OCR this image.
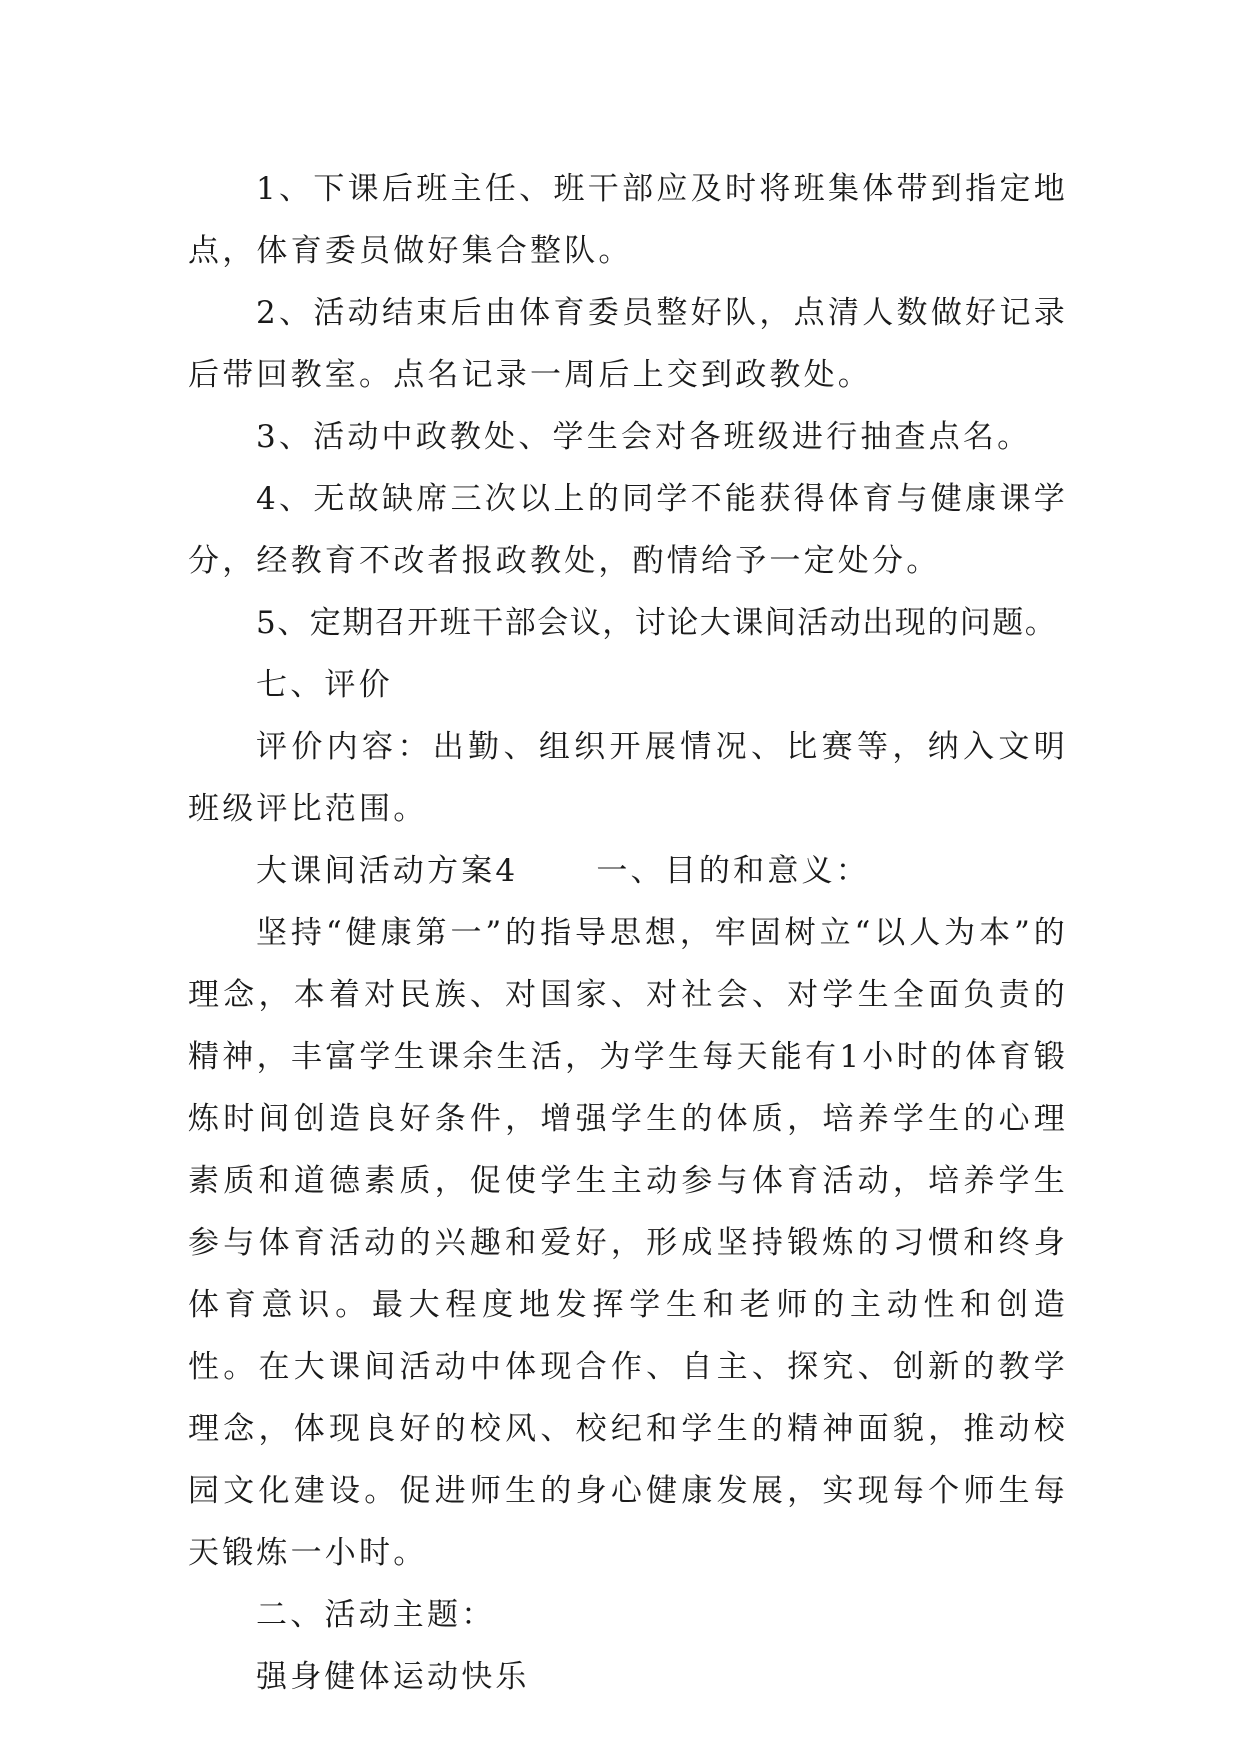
1、下课后班主任、班干部应及时将班集体带到指定地点，体育委员做好集合整队。

2、活动结束后由体育委员整好队，点清人数做好记录后带回教室。点名记录一周后上交到政教处。

3、活动中政教处、学生会对各班级进行抽查点名。

4、无故缺席三次以上的同学不能获得体育与健康课学分，经教育不改者报政教处，酌情给予一定处分。

5、定期召开班干部会议，讨论大课间活动出现的问题。

七、评价

评价内容：出勤、组织开展情况、比赛等，纳入文明班级评比范围。

大课间活动方案4	一、目的和意义：

坚持“健康第一”的指导思想，牢固树立“以人为本”的理念，本着对民族、对国家、对社会、对学生全面负责的精神，丰富学生课余生活，为学生每天能有1小时的体育锻炼时间创造良好条件，增强学生的体质，培养学生的心理素质和道德素质，促使学生主动参与体育活动，培养学生参与体育活动的兴趣和爱好，形成坚持锻炼的习惯和终身体育意识。最大程度地发挥学生和老师的主动性和创造性。在大课间活动中体现合作、自主、探究、创新的教学理念，体现良好的校风、校纪和学生的精神面貌，推动校园文化建设。促进师生的身心健康发展，实现每个师生每天锻炼一小时。

二、活动主题：

强身健体运动快乐
